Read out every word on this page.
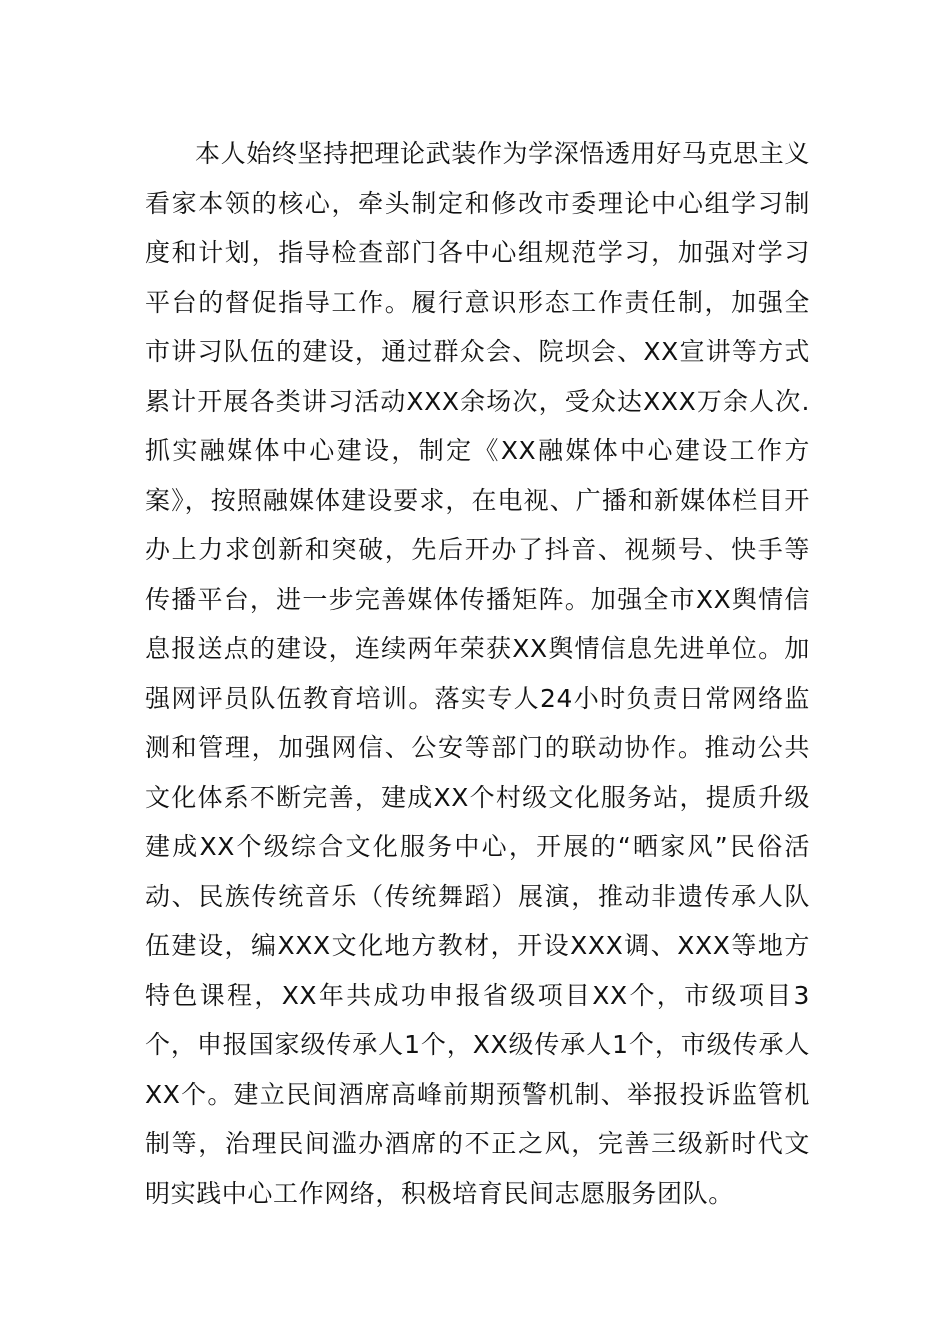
本人始终坚持把理论武装作为学深悟透用好马克思主义看家本领的核心，牵头制定和修改市委理论中心组学习制度和计划，指导检查部门各中心组规范学习，加强对学习平台的督促指导工作。履行意识形态工作责任制，加强全市讲习队伍的建设，通过群众会、院坝会、XX宣讲等方式累计开展各类讲习活动XXX余场次，受众达XXX万余人次.抓实融媒体中心建设，制定《XX融媒体中心建设工作方案》，按照融媒体建设要求，在电视、广播和新媒体栏目开办上力求创新和突破，先后开办了抖音、视频号、快手等传播平台，进一步完善媒体传播矩阵。加强全市XX舆情信息报送点的建设，连续两年荣获XX舆情信息先进单位。加强网评员队伍教育培训。落实专人24小时负责日常网络监测和管理，加强网信、公安等部门的联动协作。推动公共文化体系不断完善，建成XX个村级文化服务站，提质升级建成XX个级综合文化服务中心，开展的“晒家风”民俗活动、民族传统音乐（传统舞蹈）展演，推动非遗传承人队伍建设，编XXX文化地方教材，开设XXX调、XXX等地方特色课程，XX年共成功申报省级项目XX个，市级项目3个，申报国家级传承人1个，XX级传承人1个，市级传承人XX个。建立民间酒席高峰前期预警机制、举报投诉监管机制等，治理民间滥办酒席的不正之风，完善三级新时代文明实践中心工作网络，积极培育民间志愿服务团队。
